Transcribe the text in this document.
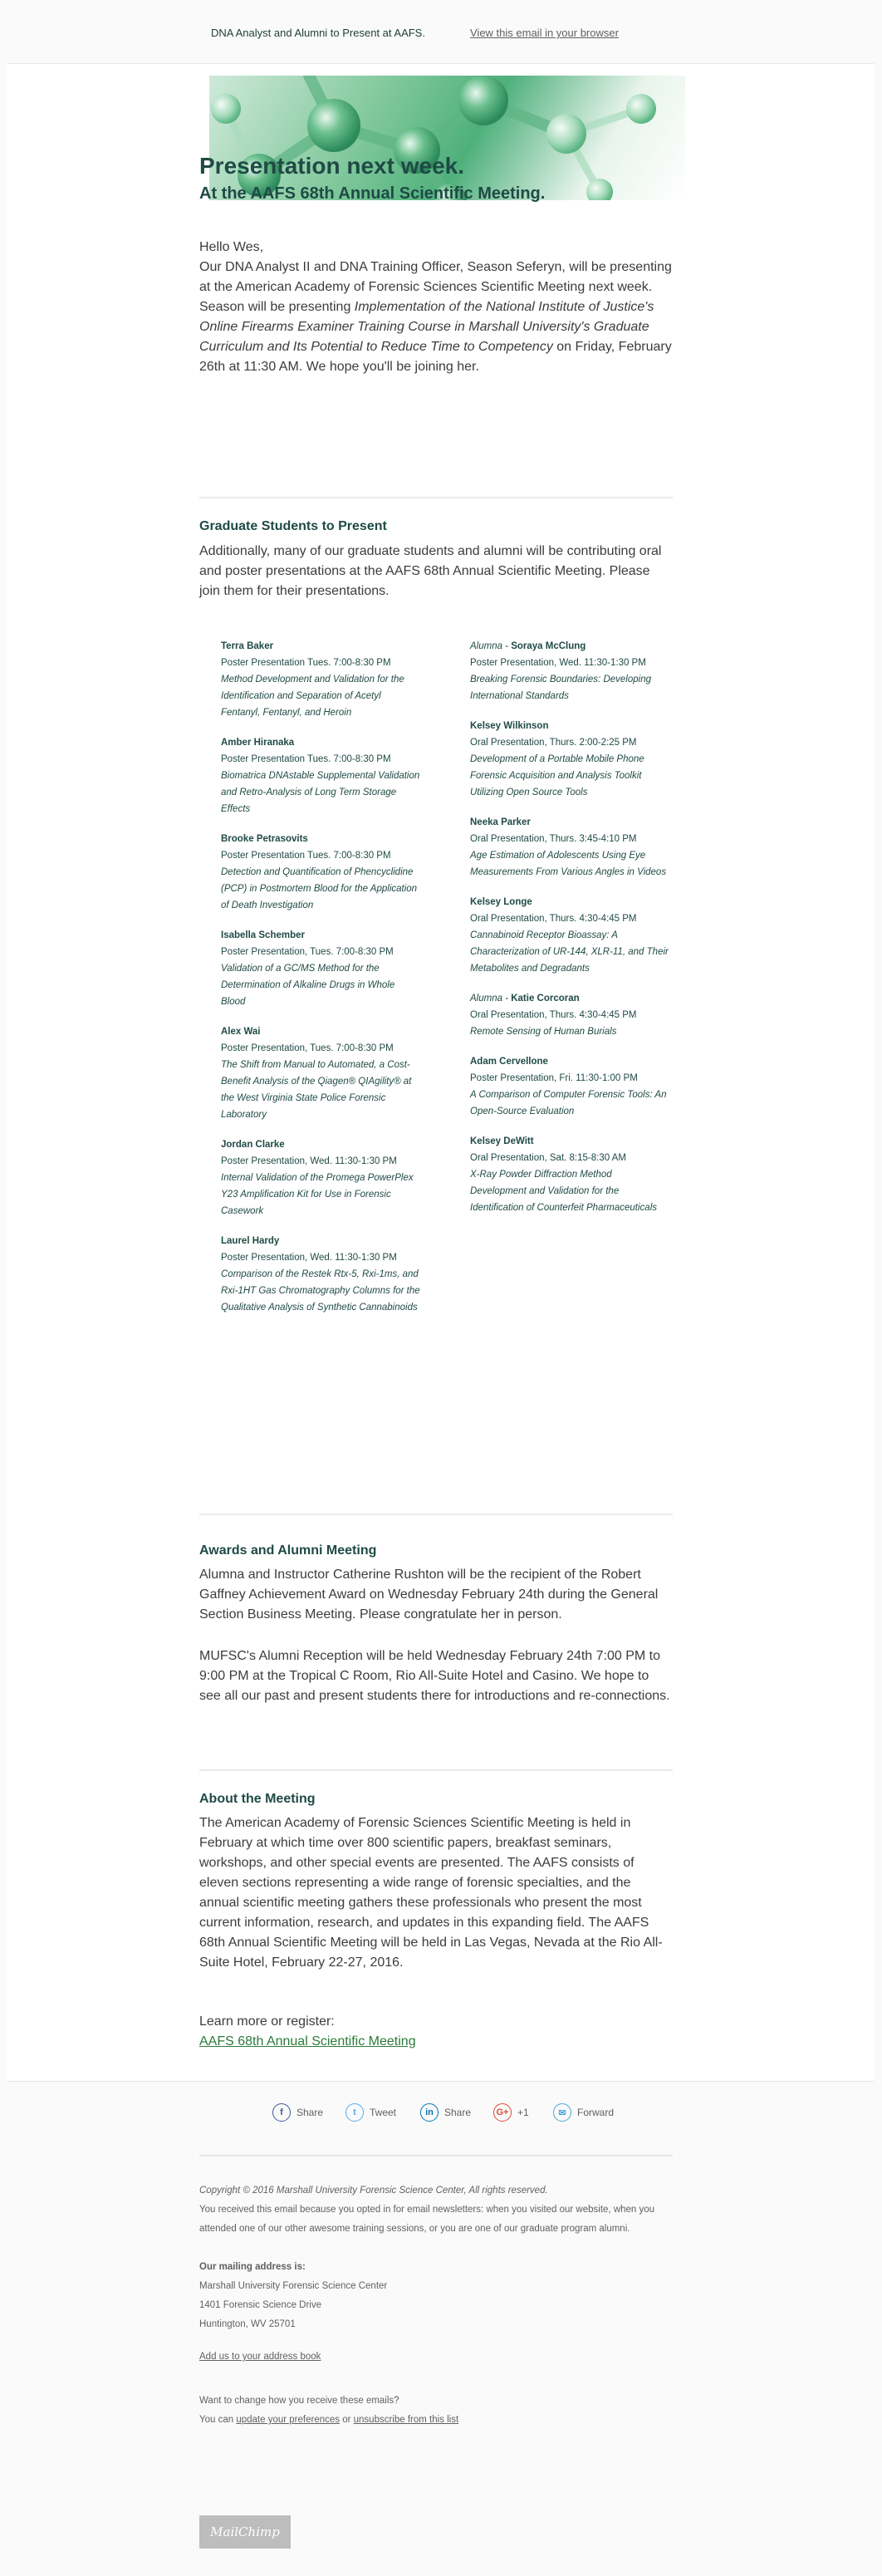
DNA Analyst and Alumni to Present at AAFS.	View this email in your browser
Presentation next week.
At the AAFS 68th Annual Scientific Meeting.

Hello Wes,

Our DNA Analyst II and DNA Training Officer, Season Seferyn, will be presenting at the American Academy of Forensic Sciences Scientific Meeting next week. Season will be presenting Implementation of the National Institute of Justice's Online Firearms Examiner Training Course in Marshall University's Graduate Curriculum and Its Potential to Reduce Time to Competency on Friday, February 26th at 11:30 AM. We hope you'll be joining her.

Graduate Students to Present

Additionally, many of our graduate students and alumni will be contributing oral and poster presentations at the AAFS 68th Annual Scientific Meeting. Please join them for their presentations.

Terra Baker
Poster Presentation Tues. 7:00-8:30 PM
Method Development and Validation for the Identification and Separation of Acetyl Fentanyl, Fentanyl, and Heroin
Amber Hiranaka
Poster Presentation Tues. 7:00-8:30 PM
Biomatrica DNAstable Supplemental Validation and Retro-Analysis of Long Term Storage Effects
Brooke Petrasovits
Poster Presentation Tues. 7:00-8:30 PM
Detection and Quantification of Phencyclidine (PCP) in Postmortem Blood for the Application of Death Investigation
Isabella Schember
Poster Presentation, Tues. 7:00-8:30 PM
Validation of a GC/MS Method for the Determination of Alkaline Drugs in Whole Blood
Alex Wai
Poster Presentation, Tues. 7:00-8:30 PM
The Shift from Manual to Automated, a Cost-Benefit Analysis of the Qiagen® QIAgility® at the West Virginia State Police Forensic Laboratory
Jordan Clarke
Poster Presentation, Wed. 11:30-1:30 PM
Internal Validation of the Promega PowerPlex Y23 Amplification Kit for Use in Forensic Casework
Laurel Hardy
Poster Presentation, Wed. 11:30-1:30 PM
Comparison of the Restek Rtx-5, Rxi-1ms, and Rxi-1HT Gas Chromatography Columns for the Qualitative Analysis of Synthetic Cannabinoids
Alumna - Soraya McClung
Poster Presentation, Wed. 11:30-1:30 PM
Breaking Forensic Boundaries: Developing International Standards
Kelsey Wilkinson
Oral Presentation, Thurs. 2:00-2:25 PM
Development of a Portable Mobile Phone Forensic Acquisition and Analysis Toolkit Utilizing Open Source Tools
Neeka Parker
Oral Presentation, Thurs. 3:45-4:10 PM
Age Estimation of Adolescents Using Eye Measurements From Various Angles in Videos
Kelsey Longe
Oral Presentation, Thurs. 4:30-4:45 PM
Cannabinoid Receptor Bioassay: A Characterization of UR-144, XLR-11, and Their Metabolites and Degradants
Alumna - Katie Corcoran
Oral Presentation, Thurs. 4:30-4:45 PM
Remote Sensing of Human Burials
Adam Cervellone
Poster Presentation, Fri. 11:30-1:00 PM
A Comparison of Computer Forensic Tools: An Open-Source Evaluation
Kelsey DeWitt
Oral Presentation, Sat. 8:15-8:30 AM
X-Ray Powder Diffraction Method Development and Validation for the Identification of Counterfeit Pharmaceuticals
Awards and Alumni Meeting

Alumna and Instructor Catherine Rushton will be the recipient of the Robert Gaffney Achievement Award on Wednesday February 24th during the General Section Business Meeting. Please congratulate her in person.

MUFSC's Alumni Reception will be held Wednesday February 24th 7:00 PM to 9:00 PM at the Tropical C Room, Rio All-Suite Hotel and Casino. We hope to see all our past and present students there for introductions and re-connections.

About the Meeting

The American Academy of Forensic Sciences Scientific Meeting is held in February at which time over 800 scientific papers, breakfast seminars, workshops, and other special events are presented. The AAFS consists of eleven sections representing a wide range of forensic specialties, and the annual scientific meeting gathers these professionals who present the most current information, research, and updates in this expanding field. The AAFS 68th Annual Scientific Meeting will be held in Las Vegas, Nevada at the Rio All-Suite Hotel, February 22-27, 2016.

Learn more or register:

AAFS 68th Annual Scientific Meeting
f	Share	t	Tweet	in	Share	G+ +1	✉	Forward
Copyright © 2016 Marshall University Forensic Science Center, All rights reserved.
You received this email because you opted in for email newsletters: when you visited our website, when you attended one of our other awesome training sessions, or you are one of our graduate program alumni.
Our mailing address is:
Marshall University Forensic Science Center
1401 Forensic Science Drive
Huntington, WV 25701
Add us to your address book
Want to change how you receive these emails?
You can update your preferences or unsubscribe from this list
MailChimp
